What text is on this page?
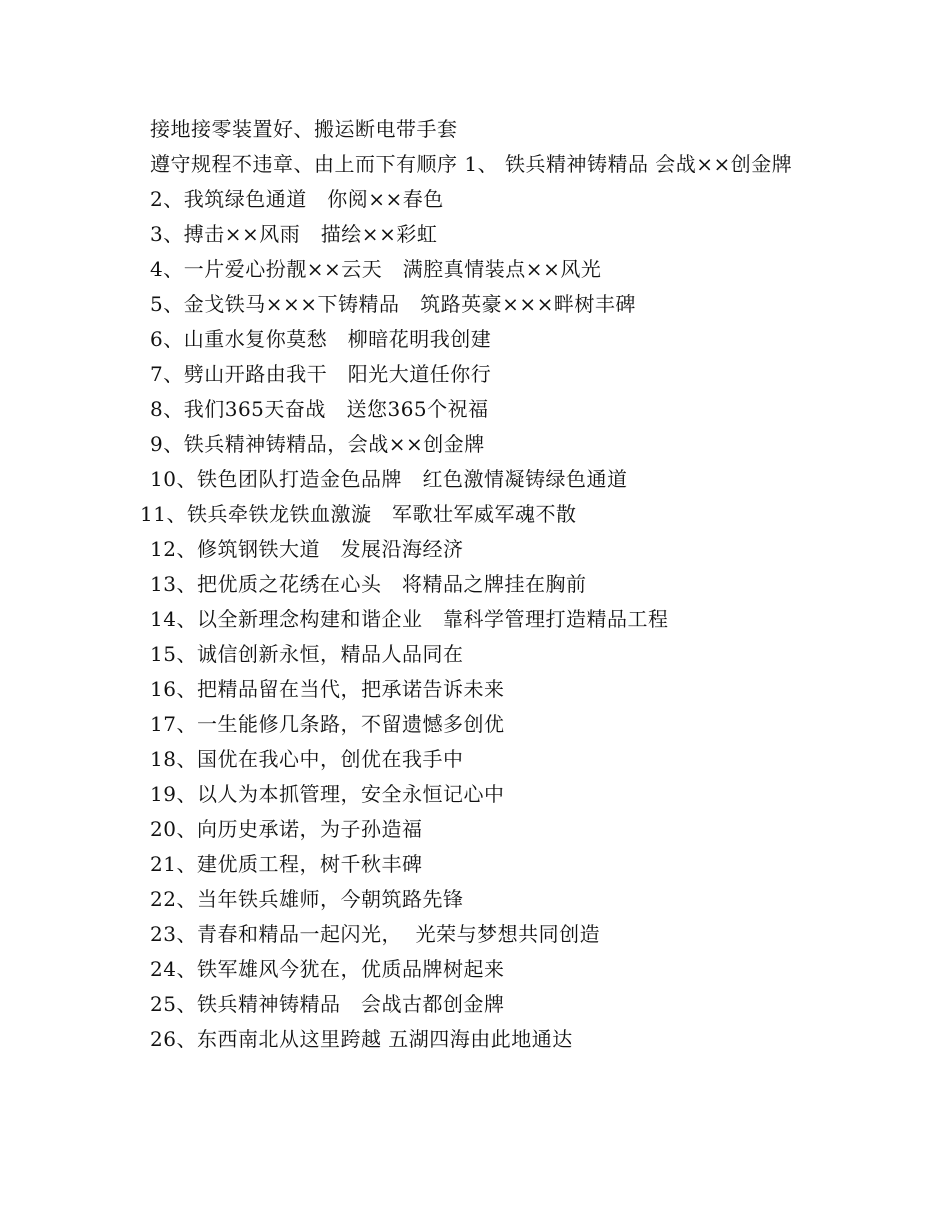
接地接零装置好、搬运断电带手套
遵守规程不违章、由上而下有顺序 1、 铁兵精神铸精品 会战××创金牌
2、我筑绿色通道   你阅××春色
3、搏击××风雨   描绘××彩虹
4、一片爱心扮靓××云天   满腔真情装点××风光
5、金戈铁马×××下铸精品   筑路英豪×××畔树丰碑
6、山重水复你莫愁   柳暗花明我创建
7、劈山开路由我干   阳光大道任你行
8、我们365天奋战   送您365个祝福
9、铁兵精神铸精品，会战××创金牌
10、铁色团队打造金色品牌   红色激情凝铸绿色通道
11、铁兵牵铁龙铁血激漩   军歌壮军威军魂不散
12、修筑钢铁大道   发展沿海经济
13、把优质之花绣在心头   将精品之牌挂在胸前
14、以全新理念构建和谐企业   靠科学管理打造精品工程
15、诚信创新永恒，精品人品同在
16、把精品留在当代，把承诺告诉未来
17、一生能修几条路，不留遗憾多创优
18、国优在我心中，创优在我手中
19、以人为本抓管理，安全永恒记心中
20、向历史承诺，为子孙造福
21、建优质工程，树千秋丰碑
22、当年铁兵雄师，今朝筑路先锋
23、青春和精品一起闪光，  光荣与梦想共同创造
24、铁军雄风今犹在，优质品牌树起来
25、铁兵精神铸精品   会战古都创金牌
26、东西南北从这里跨越 五湖四海由此地通达
